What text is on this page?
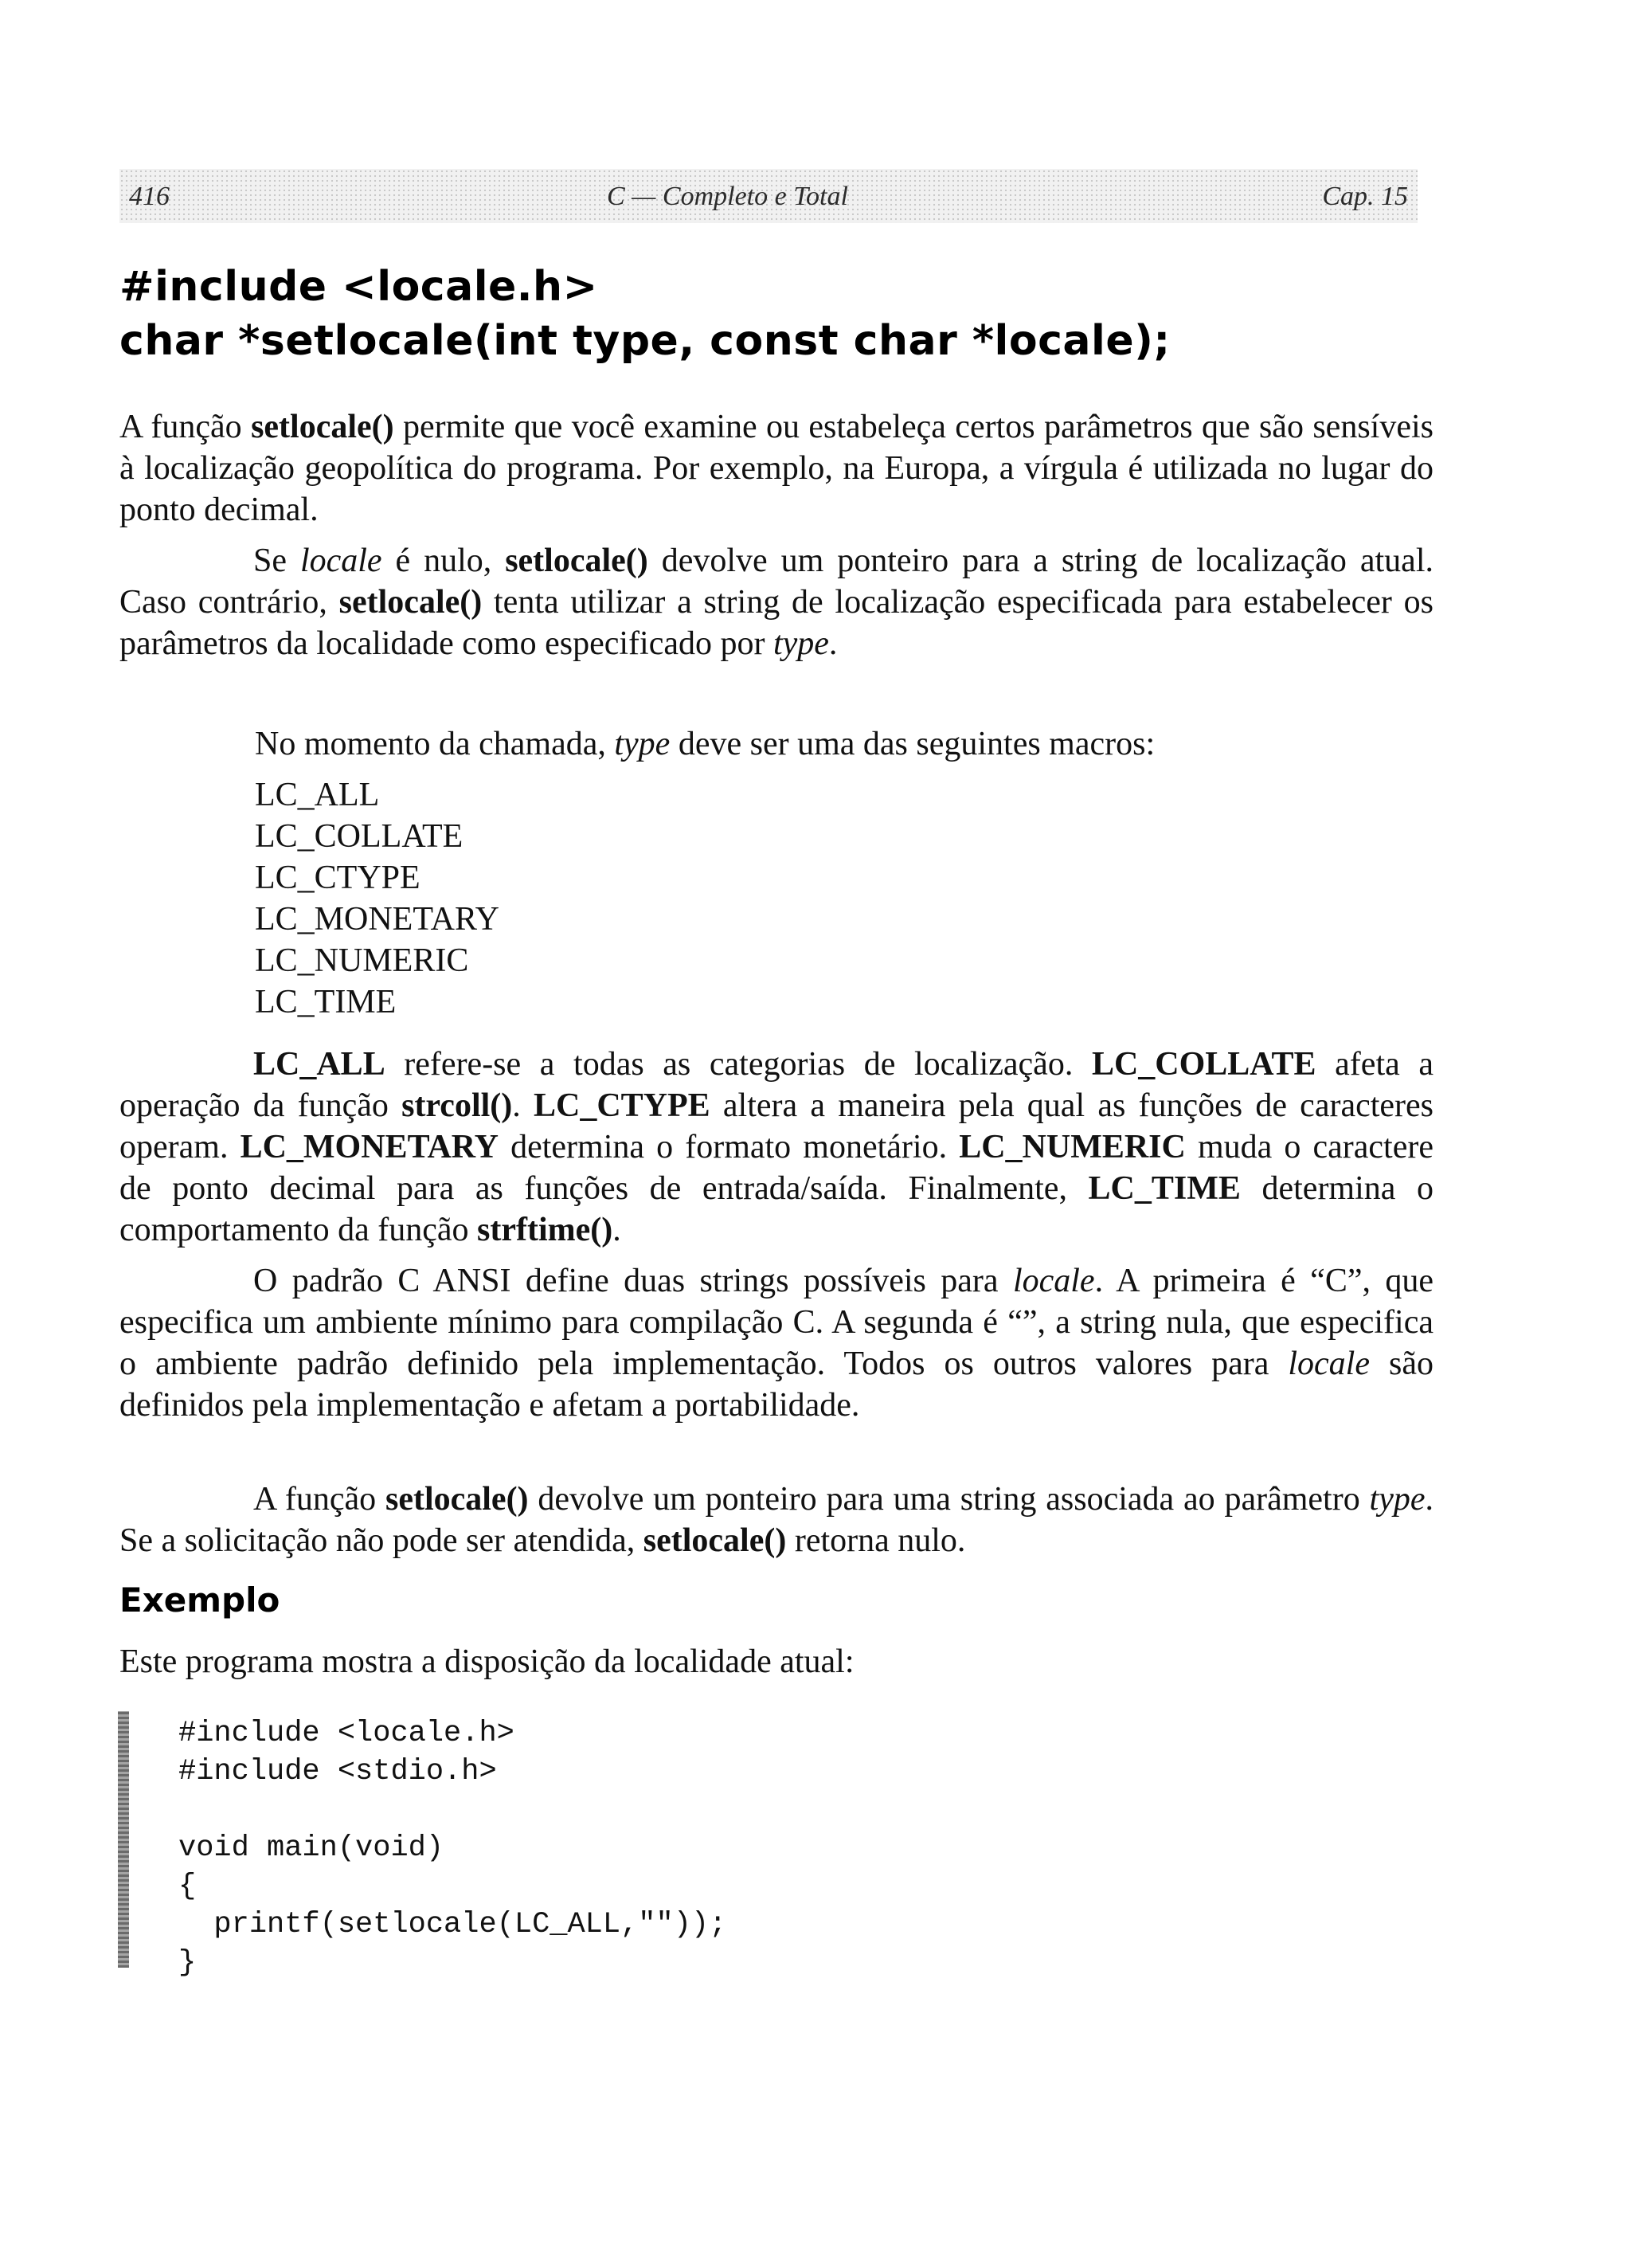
416	C — Completo e Total	Cap. 15
#include <locale.h>
char *setlocale(int type, const char *locale);

A função setlocale() permite que você examine ou estabeleça certos parâmetros que são sensíveis à localização geopolítica do programa. Por exemplo, na Europa, a vírgula é utilizada no lugar do ponto decimal.

Se locale é nulo, setlocale() devolve um ponteiro para a string de localização atual. Caso contrário, setlocale() tenta utilizar a string de localização especificada para estabelecer os parâmetros da localidade como especificado por type.

No momento da chamada, type deve ser uma das seguintes macros:

LC_ALL
LC_COLLATE
LC_CTYPE
LC_MONETARY
LC_NUMERIC
LC_TIME

LC_ALL refere-se a todas as categorias de localização. LC_COLLATE afeta a operação da função strcoll(). LC_CTYPE altera a maneira pela qual as funções de caracteres operam. LC_MONETARY determina o formato monetário. LC_NUMERIC muda o caractere de ponto decimal para as funções de entrada/saída. Finalmente, LC_TIME determina o comportamento da função strftime().

O padrão C ANSI define duas strings possíveis para locale. A primeira é “C”, que especifica um ambiente mínimo para compilação C. A segunda é “”, a string nula, que especifica o ambiente padrão definido pela implementação. Todos os outros valores para locale são definidos pela implementação e afetam a portabilidade.

A função setlocale() devolve um ponteiro para uma string associada ao parâmetro type. Se a solicitação não pode ser atendida, setlocale() retorna nulo.

Exemplo

Este programa mostra a disposição da localidade atual:

#include <locale.h>
#include <stdio.h>

void main(void)
{
printf(setlocale(LC_ALL,""));
}
